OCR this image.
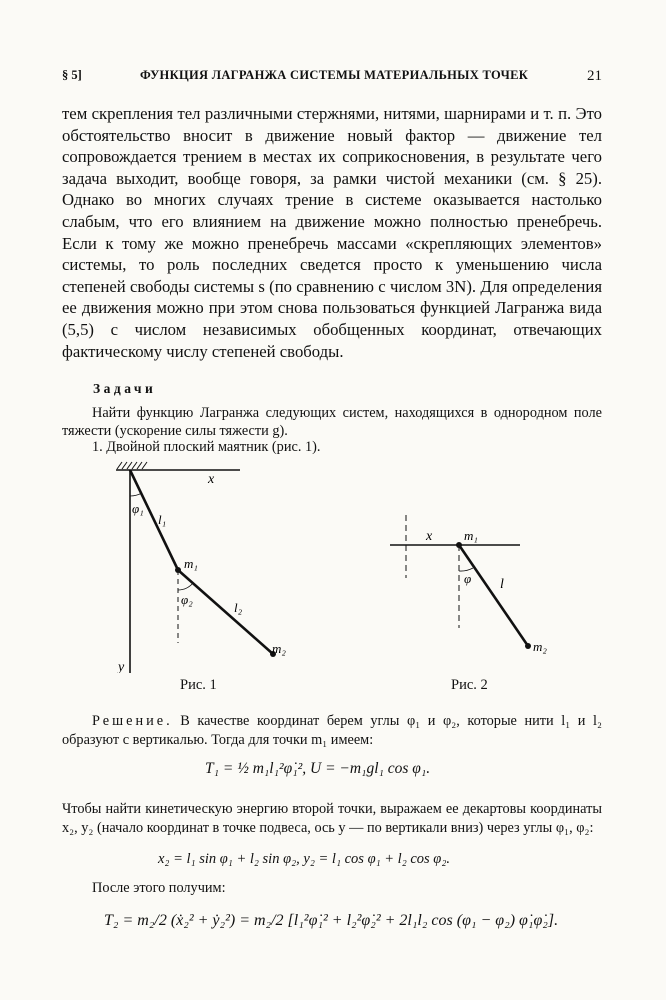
§ 5]	ФУНКЦИЯ ЛАГРАНЖА СИСТЕМЫ МАТЕРИАЛЬНЫХ ТОЧЕК	21

тем скрепления тел различными стержнями, нитями, шарнирами и т. п. Это обстоятельство вносит в движение новый фактор — движение тел сопровождается трением в местах их соприкосновения, в результате чего задача выходит, вообще говоря, за рамки чистой механики (см. § 25). Однако во многих случаях трение в системе оказывается настолько слабым, что его влиянием на движение можно полностью пренебречь. Если к тому же можно пренебречь массами «скрепляющих элементов» системы, то роль последних сведется просто к уменьшению числа степеней свободы системы s (по сравнению с числом 3N). Для определения ее движения можно при этом снова пользоваться функцией Лагранжа вида (5,5) с числом независимых обобщенных координат, отвечающих фактическому числу степеней свободы.

Задачи

Найти функцию Лагранжа следующих систем, находящихся в однородном поле тяжести (ускорение силы тяжести g).

1. Двойной плоский маятник (рис. 1).

x
y
φ₁
l₁
m₁
φ₂
l₂
m₂
x m₁
φ l
m₂
Рис. 1	Рис. 2

Решение. В качестве координат берем углы φ₁ и φ₂, которые нити l₁ и l₂ образуют с вертикалью. Тогда для точки m₁ имеем:

T₁ = ½ m₁l₁²φ̇₁², U = −m₁gl₁ cos φ₁.

Чтобы найти кинетическую энергию второй точки, выражаем ее декартовы координаты x₂, y₂ (начало координат в точке подвеса, ось y — по вертикали вниз) через углы φ₁, φ₂:

x₂ = l₁ sin φ₁ + l₂ sin φ₂, y₂ = l₁ cos φ₁ + l₂ cos φ₂.

После этого получим:

T₂ = m₂/2 (ẋ₂² + ẏ₂²) = m₂/2 [l₁²φ̇₁² + l₂²φ̇₂² + 2l₁l₂ cos (φ₁ − φ₂) φ̇₁φ̇₂].
